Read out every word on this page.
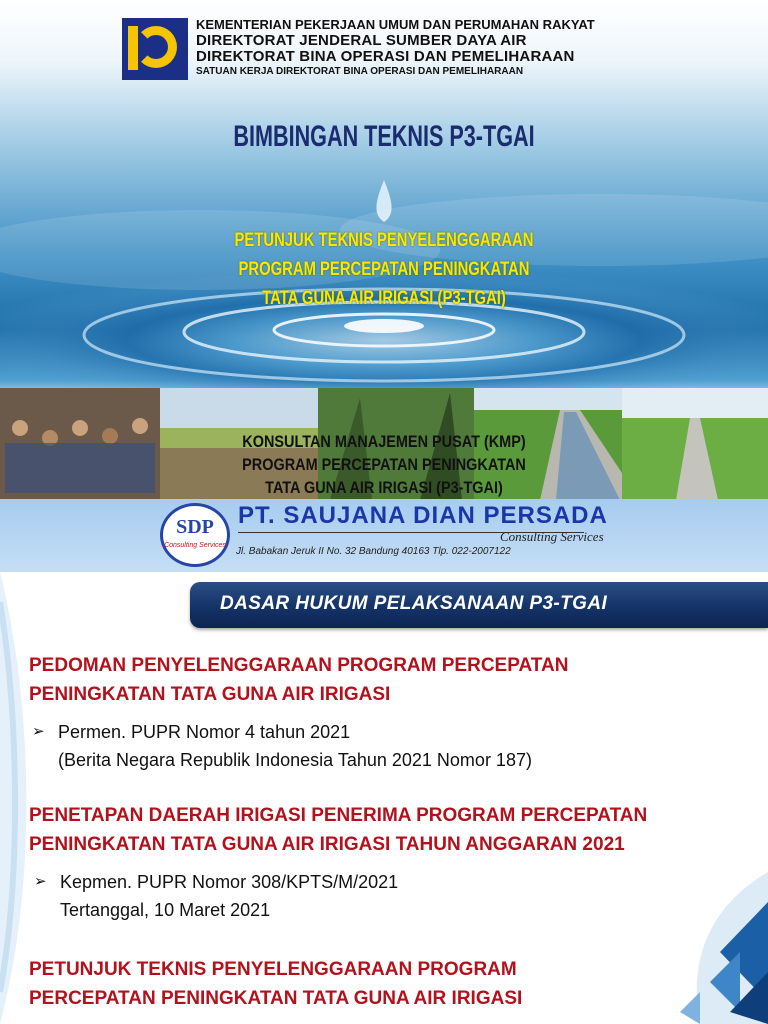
KEMENTERIAN PEKERJAAN UMUM DAN PERUMAHAN RAKYAT
DIREKTORAT JENDERAL SUMBER DAYA AIR
DIREKTORAT BINA OPERASI DAN PEMELIHARAAN
SATUAN KERJA DIREKTORAT BINA OPERASI DAN PEMELIHARAAN
BIMBINGAN TEKNIS P3-TGAI
PETUNJUK TEKNIS PENYELENGGARAAN
PROGRAM PERCEPATAN PENINGKATAN
TATA GUNA AIR IRIGASI (P3-TGAI)
KONSULTAN MANAJEMEN PUSAT (KMP)
PROGRAM PERCEPATAN PENINGKATAN
TATA GUNA AIR IRIGASI (P3-TGAI)
SDP
Consulting Services
PT. SAUJANA DIAN PERSADA
Consulting Services
Jl. Babakan Jeruk II No. 32 Bandung 40163 Tlp. 022-2007122
DASAR HUKUM PELAKSANAAN P3-TGAI
PEDOMAN PENYELENGGARAAN PROGRAM PERCEPATAN
PENINGKATAN TATA GUNA AIR IRIGASI
➢ Permen. PUPR Nomor 4 tahun 2021
(Berita Negara Republik Indonesia Tahun 2021 Nomor 187)
PENETAPAN DAERAH IRIGASI PENERIMA PROGRAM PERCEPATAN
PENINGKATAN TATA GUNA AIR IRIGASI TAHUN ANGGARAN 2021
➢ Kepmen. PUPR Nomor 308/KPTS/M/2021
Tertanggal, 10 Maret 2021
PETUNJUK TEKNIS PENYELENGGARAAN PROGRAM
PERCEPATAN PENINGKATAN TATA GUNA AIR IRIGASI
